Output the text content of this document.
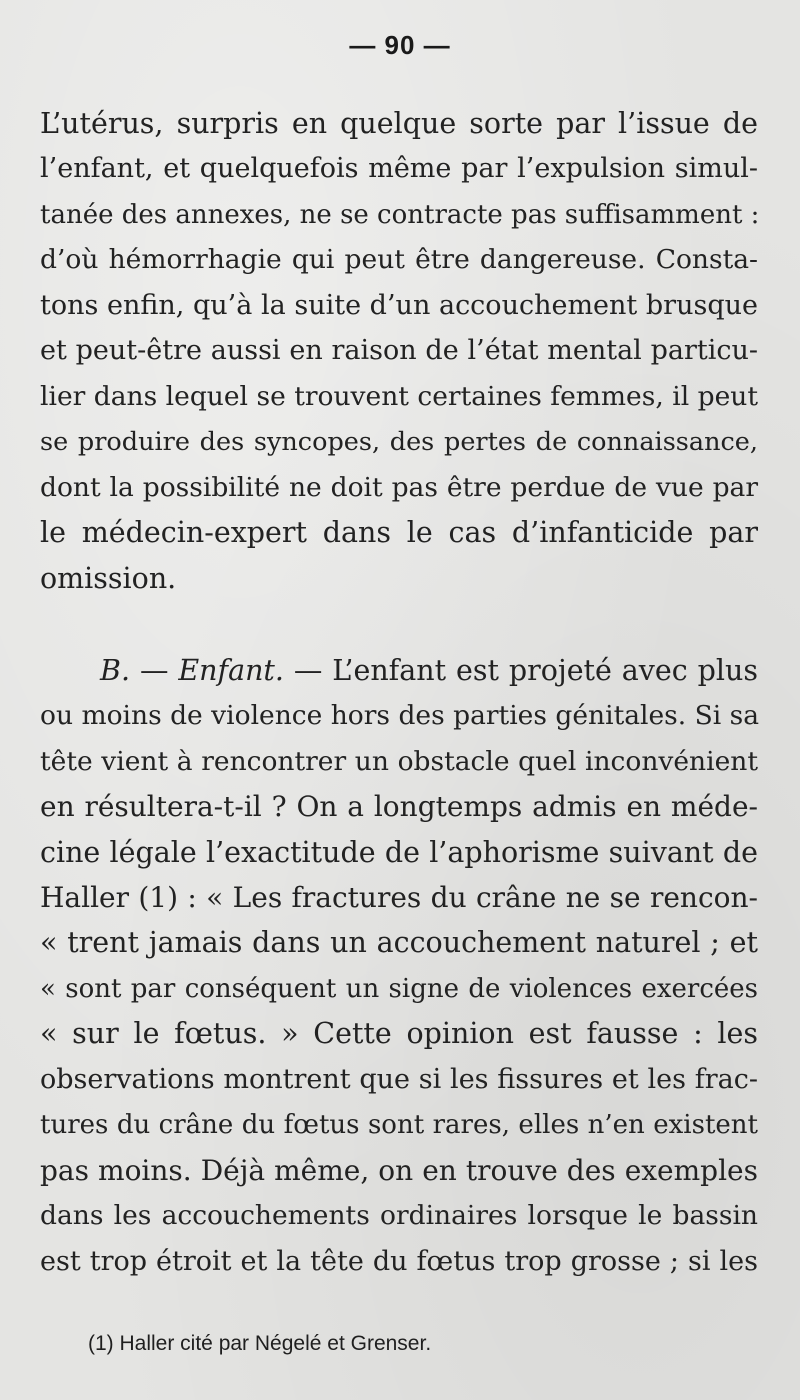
— 90 —
L’utérus, surpris en quelque sorte par l’issue de
l’enfant, et quelquefois même par l’expulsion simul-
tanée des annexes, ne se contracte pas suffisamment :
d’où hémorrhagie qui peut être dangereuse. Consta-
tons enfin, qu’à la suite d’un accouchement brusque
et peut-être aussi en raison de l’état mental particu-
lier dans lequel se trouvent certaines femmes, il peut
se produire des syncopes, des pertes de connaissance,
dont la possibilité ne doit pas être perdue de vue par
le médecin-expert dans le cas d’infanticide par
omission.
B. — Enfant. — L’enfant est projeté avec plus
ou moins de violence hors des parties génitales. Si sa
tête vient à rencontrer un obstacle quel inconvénient
en résultera-t-il ? On a longtemps admis en méde-
cine légale l’exactitude de l’aphorisme suivant de
Haller (1) : « Les fractures du crâne ne se rencon-
« trent jamais dans un accouchement naturel ; et
« sont par conséquent un signe de violences exercées
« sur le fœtus. » Cette opinion est fausse : les
observations montrent que si les fissures et les frac-
tures du crâne du fœtus sont rares, elles n’en existent
pas moins. Déjà même, on en trouve des exemples
dans les accouchements ordinaires lorsque le bassin
est trop étroit et la tête du fœtus trop grosse ; si les
(1) Haller cité par Négelé et Grenser.
